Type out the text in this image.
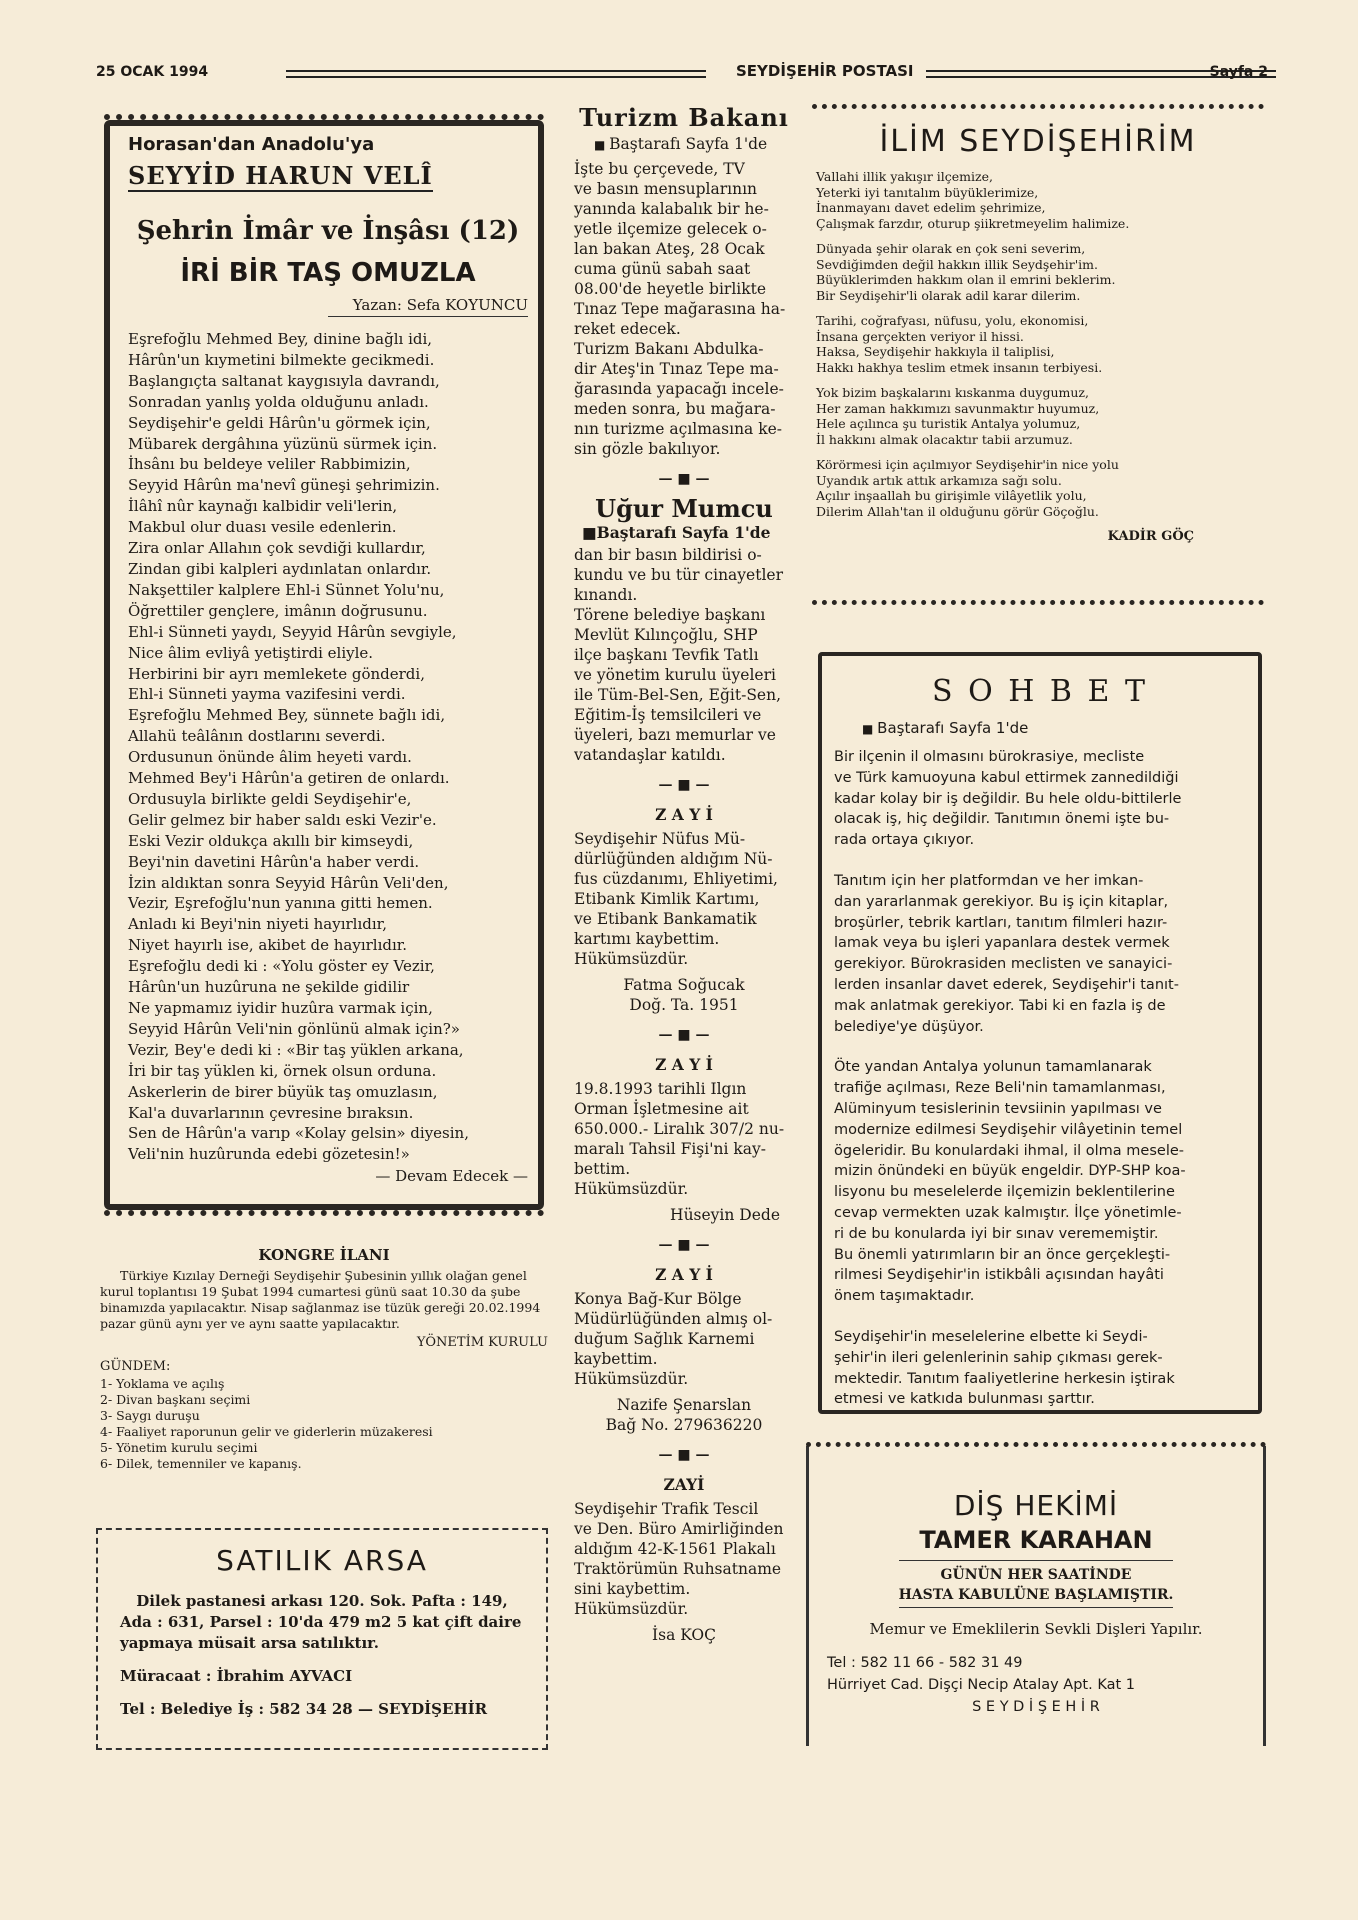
25 OCAK 1994	SEYDİŞEHİR POSTASI	Sayfa 2
Horasan'dan Anadolu'ya
SEYYİD HARUN VELÎ
Şehrin İmâr ve İnşâsı (12)
İRİ BİR TAŞ OMUZLA
Yazan: Sefa KOYUNCU
Eşrefoğlu Mehmed Bey, dinine bağlı idi,
Hârûn'un kıymetini bilmekte gecikmedi.
Başlangıçta saltanat kaygısıyla davrandı,
Sonradan yanlış yolda olduğunu anladı.
Seydişehir'e geldi Hârûn'u görmek için,
Mübarek dergâhına yüzünü sürmek için.
İhsânı bu beldeye veliler Rabbimizin,
Seyyid Hârûn ma'nevî güneşi şehrimizin.
İlâhî nûr kaynağı kalbidir veli'lerin,
Makbul olur duası vesile edenlerin.
Zira onlar Allahın çok sevdiği kullardır,
Zindan gibi kalpleri aydınlatan onlardır.
Nakşettiler kalplere Ehl-i Sünnet Yolu'nu,
Öğrettiler gençlere, imânın doğrusunu.
Ehl-i Sünneti yaydı, Seyyid Hârûn sevgiyle,
Nice âlim evliyâ yetiştirdi eliyle.
Herbirini bir ayrı memlekete gönderdi,
Ehl-i Sünneti yayma vazifesini verdi.
Eşrefoğlu Mehmed Bey, sünnete bağlı idi,
Allahü teâlânın dostlarını severdi.
Ordusunun önünde âlim heyeti vardı.
Mehmed Bey'i Hârûn'a getiren de onlardı.
Ordusuyla birlikte geldi Seydişehir'e,
Gelir gelmez bir haber saldı eski Vezir'e.
Eski Vezir oldukça akıllı bir kimseydi,
Beyi'nin davetini Hârûn'a haber verdi.
İzin aldıktan sonra Seyyid Hârûn Veli'den,
Vezir, Eşrefoğlu'nun yanına gitti hemen.
Anladı ki Beyi'nin niyeti hayırlıdır,
Niyet hayırlı ise, akibet de hayırlıdır.
Eşrefoğlu dedi ki : «Yolu göster ey Vezir,
Hârûn'un huzûruna ne şekilde gidilir
Ne yapmamız iyidir huzûra varmak için,
Seyyid Hârûn Veli'nin gönlünü almak için?»
Vezir, Bey'e dedi ki : «Bir taş yüklen arkana,
İri bir taş yüklen ki, örnek olsun orduna.
Askerlerin de birer büyük taş omuzlasın,
Kal'a duvarlarının çevresine bıraksın.
Sen de Hârûn'a varıp «Kolay gelsin» diyesin,
Veli'nin huzûrunda edebi gözetesin!»
— Devam Edecek —
KONGRE İLANI

Türkiye Kızılay Derneği Seydişehir Şubesinin yıllık olağan genel kurul toplantısı 19 Şubat 1994 cumartesi günü saat 10.30 da şube binamızda yapılacaktır. Nisap sağlanmaz ise tüzük gereği 20.02.1994 pazar günü aynı yer ve aynı saatte yapılacaktır.

YÖNETİM KURULU
GÜNDEM:
1- Yoklama ve açılış
2- Divan başkanı seçimi
3- Saygı duruşu
4- Faaliyet raporunun gelir ve giderlerin müzakeresi
5- Yönetim kurulu seçimi
6- Dilek, temenniler ve kapanış.
SATILIK ARSA
Dilek pastanesi arkası 120. Sok. Pafta : 149,
Ada : 631, Parsel : 10'da 479 m2 5 kat çift daire
yapmaya müsait arsa satılıktır.
Müracaat : İbrahim AYVACI
Tel : Belediye İş : 582 34 28 — SEYDİŞEHİR
Turizm Bakanı
■ Baştarafı Sayfa 1'de
İşte bu çerçevede, TV
ve basın mensuplarının
yanında kalabalık bir he-
yetle ilçemize gelecek o-
lan bakan Ateş, 28 Ocak
cuma günü sabah saat
08.00'de heyetle birlikte
Tınaz Tepe mağarasına ha-
reket edecek.
Turizm Bakanı Abdulka-
dir Ateş'in Tınaz Tepe ma-
ğarasında yapacağı incele-
meden sonra, bu mağara-
nın turizme açılmasına ke-
sin gözle bakılıyor.
— ■ —
Uğur Mumcu
■Baştarafı Sayfa 1'de
dan bir basın bildirisi o-
kundu ve bu tür cinayetler
kınandı.
Törene belediye başkanı
Mevlüt Kılınçoğlu, SHP
ilçe başkanı Tevfik Tatlı
ve yönetim kurulu üyeleri
ile Tüm-Bel-Sen, Eğit-Sen,
Eğitim-İş temsilcileri ve
üyeleri, bazı memurlar ve
vatandaşlar katıldı.
— ■ —
Z A Y İ
Seydişehir Nüfus Mü-
dürlüğünden aldığım Nü-
fus cüzdanımı, Ehliyetimi,
Etibank Kimlik Kartımı,
ve Etibank Bankamatik
kartımı kaybettim.
Hükümsüzdür.
Fatma Soğucak
Doğ. Ta. 1951
— ■ —
Z A Y İ
19.8.1993 tarihli Ilgın
Orman İşletmesine ait
650.000.- Liralık 307/2 nu-
maralı Tahsil Fişi'ni kay-
bettim.
Hükümsüzdür.
Hüseyin Dede
— ■ —
Z A Y İ
Konya Bağ-Kur Bölge
Müdürlüğünden almış ol-
duğum Sağlık Karnemi
kaybettim.
Hükümsüzdür.
Nazife Şenarslan
Bağ No. 279636220
— ■ —
ZAYİ
Seydişehir Trafik Tescil
ve Den. Büro Amirliğinden
aldığım 42-K-1561 Plakalı
Traktörümün Ruhsatname
sini kaybettim.
Hükümsüzdür.
İsa KOÇ
İLİM SEYDİŞEHİRİM
Vallahi illik yakışır ilçemize,
Yeterki iyi tanıtalım büyüklerimize,
İnanmayanı davet edelim şehrimize,
Çalışmak farzdır, oturup şiikretmeyelim halimize.
Dünyada şehir olarak en çok seni severim,
Sevdiğimden değil hakkın illik Seydşehir'im.
Büyüklerimden hakkım olan il emrini beklerim.
Bir Seydişehir'li olarak adil karar dilerim.
Tarihi, coğrafyası, nüfusu, yolu, ekonomisi,
İnsana gerçekten veriyor il hissi.
Haksa, Seydişehir hakkıyla il taliplisi,
Hakkı hakhya teslim etmek insanın terbiyesi.
Yok bizim başkalarını kıskanma duygumuz,
Her zaman hakkımızı savunmaktır huyumuz,
Hele açılınca şu turistik Antalya yolumuz,
İl hakkını almak olacaktır tabii arzumuz.
Körörmesi için açılmıyor Seydişehir'in nice yolu
Uyandık artık attık arkamıza sağı solu.
Açılır inşaallah bu girişimle vilâyetlik yolu,
Dilerim Allah'tan il olduğunu görür Göçoğlu.
KADİR GÖÇ
S O H B E T
■ Baştarafı Sayfa 1'de
Bir ilçenin il olmasını bürokrasiye, mecliste
ve Türk kamuoyuna kabul ettirmek zannedildiği
kadar kolay bir iş değildir. Bu hele oldu-bittilerle
olacak iş, hiç değildir. Tanıtımın önemi işte bu-
rada ortaya çıkıyor.
Tanıtım için her platformdan ve her imkan-
dan yararlanmak gerekiyor. Bu iş için kitaplar,
broşürler, tebrik kartları, tanıtım filmleri hazır-
lamak veya bu işleri yapanlara destek vermek
gerekiyor. Bürokrasiden meclisten ve sanayici-
lerden insanlar davet ederek, Seydişehir'i tanıt-
mak anlatmak gerekiyor. Tabi ki en fazla iş de
belediye'ye düşüyor.
Öte yandan Antalya yolunun tamamlanarak
trafiğe açılması, Reze Beli'nin tamamlanması,
Alüminyum tesislerinin tevsiinin yapılması ve
modernize edilmesi Seydişehir vilâyetinin temel
ögeleridir. Bu konulardaki ihmal, il olma mesele-
mizin önündeki en büyük engeldir. DYP-SHP koa-
lisyonu bu meselelerde ilçemizin beklentilerine
cevap vermekten uzak kalmıştır. İlçe yönetimle-
ri de bu konularda iyi bir sınav verememiştir.
Bu önemli yatırımların bir an önce gerçekleşti-
rilmesi Seydişehir'in istikbâli açısından hayâti
önem taşımaktadır.
Seydişehir'in meselelerine elbette ki Seydi-
şehir'in ileri gelenlerinin sahip çıkması gerek-
mektedir. Tanıtım faaliyetlerine herkesin iştirak
etmesi ve katkıda bulunması şarttır.
DİŞ HEKİMİ
TAMER KARAHAN
GÜNÜN HER SAATİNDE
HASTA KABULÜNE BAŞLAMIŞTIR.
Memur ve Emeklilerin Sevkli Dişleri Yapılır.
Tel : 582 11 66 - 582 31 49
Hürriyet Cad. Dişçi Necip Atalay Apt. Kat 1
S E Y D İ Ş E H İ R
